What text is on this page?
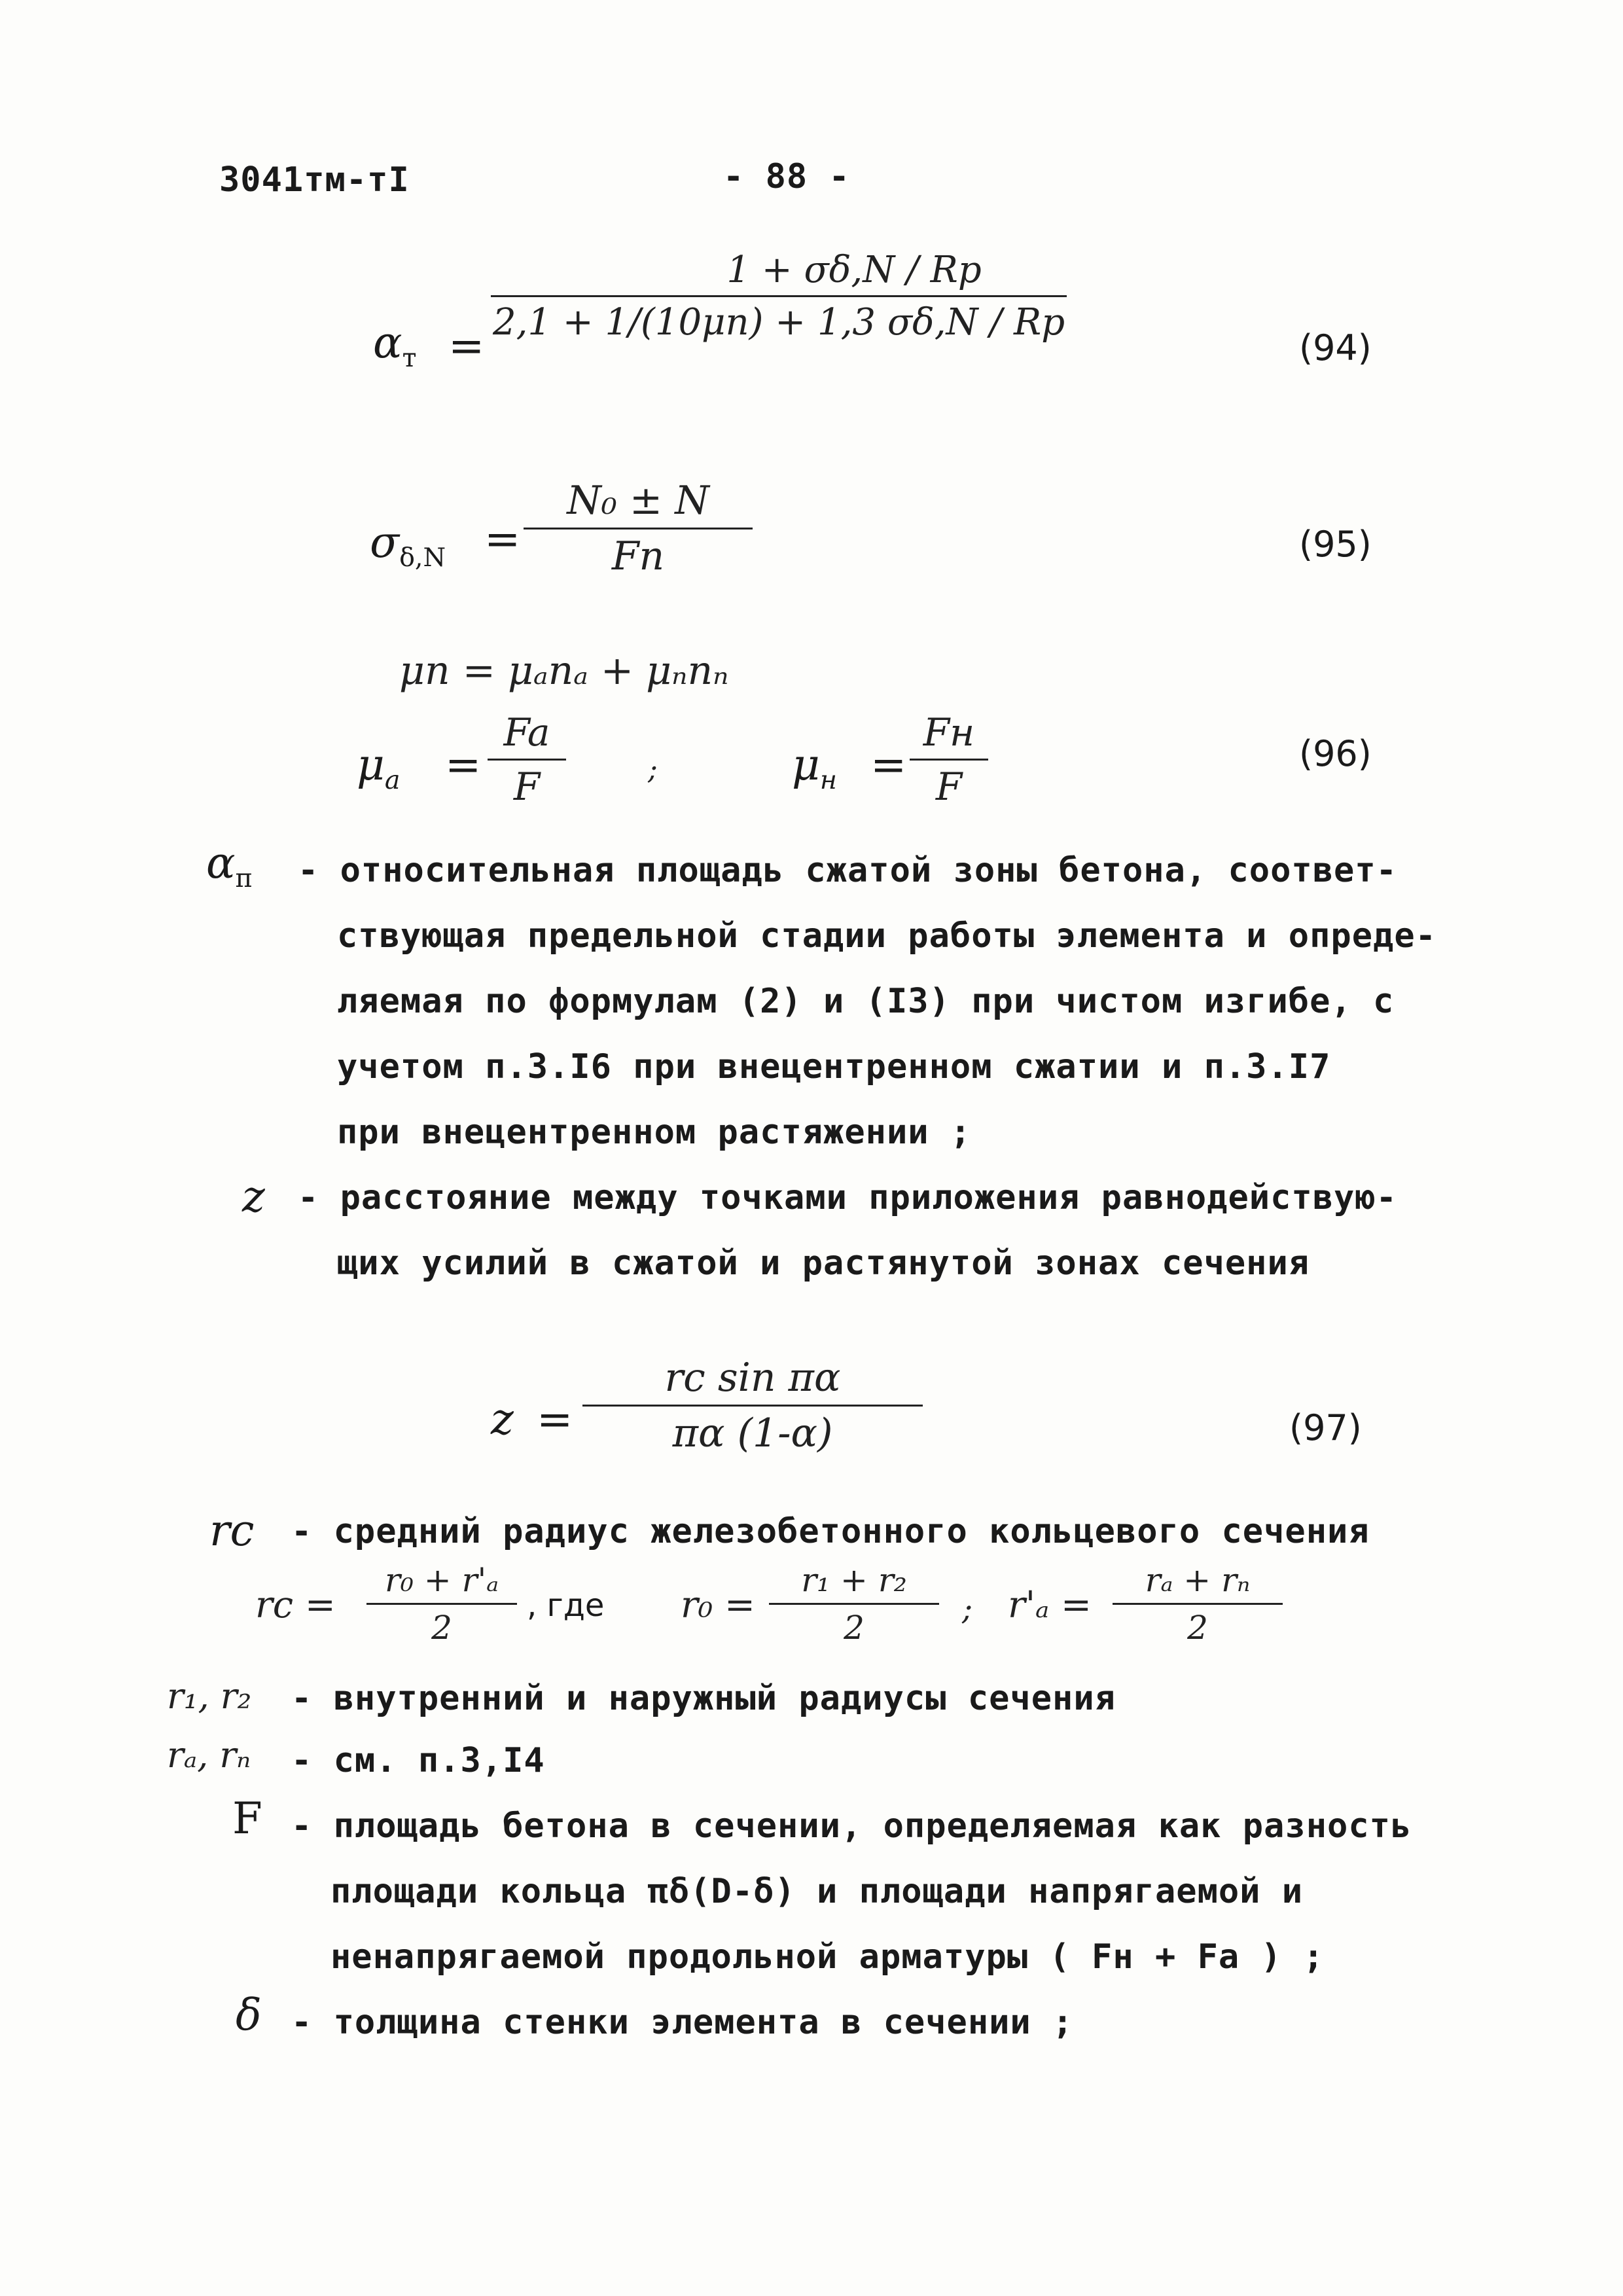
3041тм-тI	- 88 -
$\alpha_т$ =
1 + σδ,N / Rр
2,1 + 1/(10μn) + 1,3 σδ,N / Rр
(94)
$\sigma_{\delta,N}$ =
N₀ ± N
Fп	(95)
μn = μₐnₐ + μₙnₙ
$\mu_a$ =
Fa
F	;	$\mu_н$ =
Fн
F
(96)
$\alpha_п$ - относительная площадь сжатой зоны бетона, соответ-
ствующая предельной стадии работы элемента и опреде-
ляемая по формулам (2) и (I3) при чистом изгибе, с
учетом п.3.I6 при внецентренном сжатии и п.3.I7
при внецентренном растяжении ;
z - расстояние между точками приложения равнодействую-
щих усилий в сжатой и растянутой зонах сечения
z =
rc sin πα
πα (1-α)	(97)
rc - средний радиус железобетонного кольцевого сечения
rc =
r₀ + r'ₐ
2
, где r₀ =
r₁ + r₂
2	; r'ₐ =
rₐ + rₙ
2
r₁, r₂ - внутренний и наружный радиусы сечения
rₐ, rₙ - см. п.3,I4
F - площадь бетона в сечении, определяемая как разность
площади кольца πδ(D-δ) и площади напрягаемой и
ненапрягаемой продольной арматуры ( Fн + Fa ) ;
δ - толщина стенки элемента в сечении ;
